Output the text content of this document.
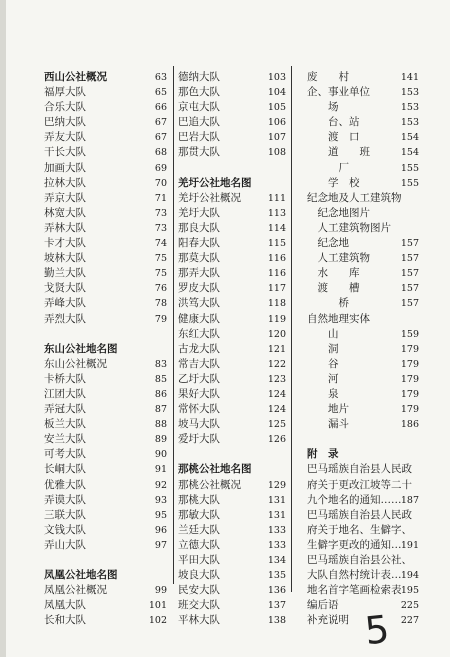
西山公社概况	63
福厚大队	65
合乐大队	66
巴纳大队	67
弄友大队	67
干长大队	68
加画大队	69
拉林大队	70
弄京大队	71
林宽大队	73
弄林大队	73
卡才大队	74
坡林大队	75
勤兰大队	75
戈贤大队	76
弄峰大队	78
弄烈大队	79
东山公社地名图
东山公社概况	83
卡桥大队	85
江团大队	86
弄冠大队	87
板兰大队	88
安兰大队	89
可考大队	90
长峒大队	91
优雅大队	92
弄谟大队	93
三联大队	95
文钱大队	96
弄山大队	97
凤凰公社地名图
凤凰公社概况	99
凤凰大队	101
长和大队	102
德纳大队	103
那色大队	104
京屯大队	105
巴追大队	106
巴岩大队	107
那贯大队	108
羌圩公社地名图
羌圩公社概况	111
羌圩大队	113
那良大队	114
阳春大队	115
那莫大队	116
那弄大队	116
罗皮大队	117
洪笃大队	118
健康大队	119
东红大队	120
古龙大队	121
常吉大队	122
乙圩大队	123
果好大队	124
常怀大队	124
坡马大队	125
爱圩大队	126
那桃公社地名图
那桃公社概况	129
那桃大队	131
那敏大队	131
兰廷大队	133
立德大队	133
平田大队	134
坡良大队	135
民安大队	136
班交大队	137
平林大队	138
废　　村	141
企、事业单位	153
　　场	153
　　台、站	153
　　渡　口	154
　　道　　班	154
　　　厂	155
　　学　校	155
纪念地及人工建筑物
　纪念地图片
　人工建筑物图片
　纪念地	157
　人工建筑物	157
　水　　库	157
　渡　　槽	157
　　　桥	157
自然地理实体
　　山	159
　　洞	179
　　谷	179
　　河	179
　　泉	179
　　地片	179
　　漏斗	186
附　录
巴马瑶族自治县人民政
府关于更改江坡等二十
九个地名的通知…… 187
巴马瑶族自治县人民政
府关于地名、生僻字、
生僻字更改的通知… 191
巴马瑶族自治县公社、
大队自然村统计表… 194
地名首字笔画检索表 195
编后语	225
补充说明	227
5
